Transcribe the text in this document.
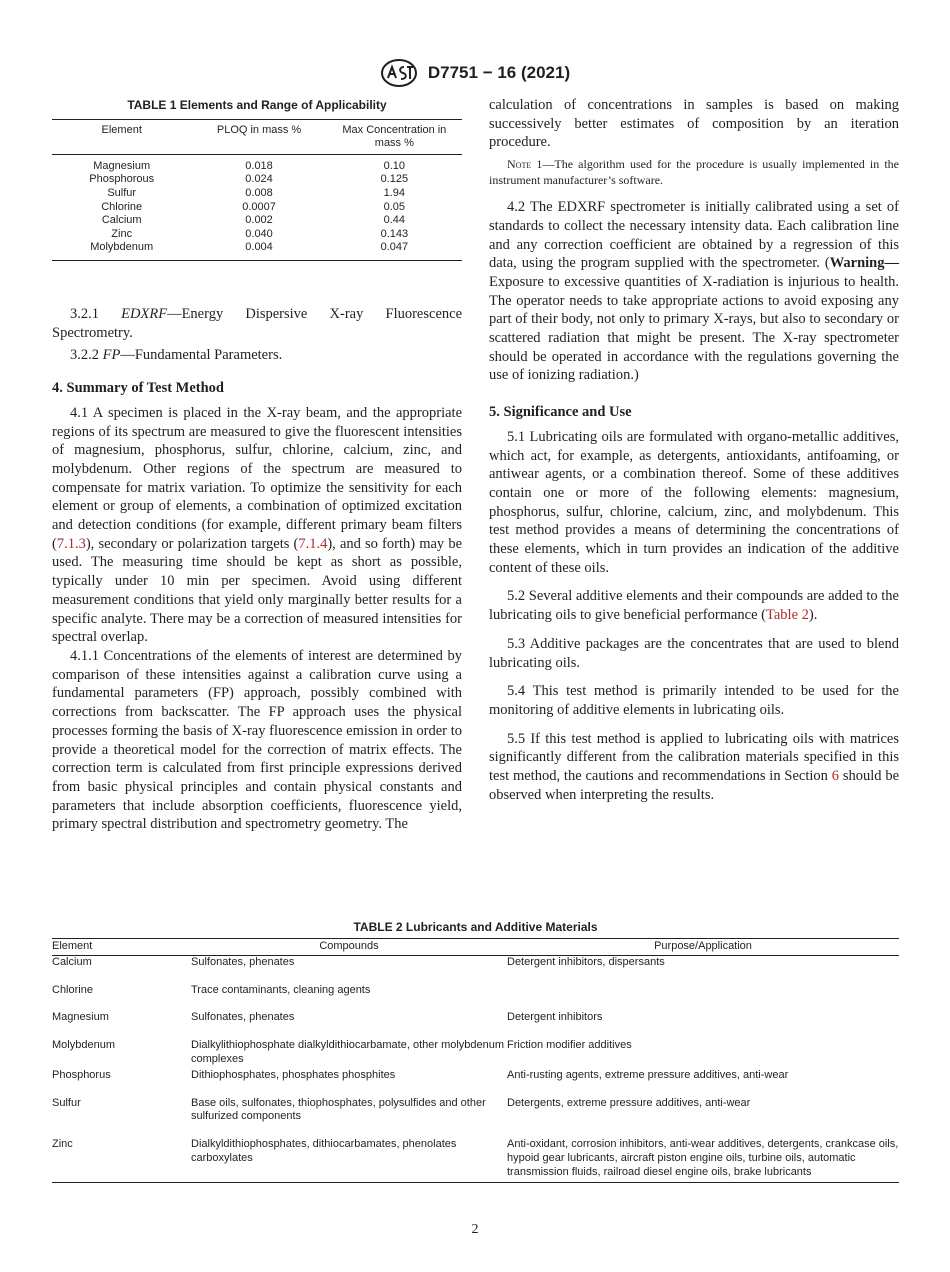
D7751 − 16 (2021)
TABLE 1 Elements and Range of Applicability
Element	PLOQ in mass %	Max Concentration in mass %
Magnesium	0.018	0.10
Phosphorous	0.024	0.125
Sulfur	0.008	1.94
Chlorine	0.0007	0.05
Calcium	0.002	0.44
Zinc	0.040	0.143
Molybdenum	0.004	0.047

3.2.1 EDXRF—Energy Dispersive X-ray Fluorescence Spectrometry.

3.2.2 FP—Fundamental Parameters.

4. Summary of Test Method

4.1 A specimen is placed in the X-ray beam, and the appropriate regions of its spectrum are measured to give the fluorescent intensities of magnesium, phosphorus, sulfur, chlorine, calcium, zinc, and molybdenum. Other regions of the spectrum are measured to compensate for matrix variation. To optimize the sensitivity for each element or group of elements, a combination of optimized excitation and detection conditions (for example, different primary beam filters (7.1.3), secondary or polarization targets (7.1.4), and so forth) may be used. The measuring time should be kept as short as possible, typically under 10 min per specimen. Avoid using different measurement conditions that yield only marginally better results for a specific analyte. There may be a correction of measured intensities for spectral overlap.

4.1.1 Concentrations of the elements of interest are determined by comparison of these intensities against a calibration curve using a fundamental parameters (FP) approach, possibly combined with corrections from backscatter. The FP approach uses the physical processes forming the basis of X-ray fluorescence emission in order to provide a theoretical model for the correction of matrix effects. The correction term is calculated from first principle expressions derived from basic physical principles and contain physical constants and parameters that include absorption coefficients, fluorescence yield, primary spectral distribution and spectrometry geometry. The

calculation of concentrations in samples is based on making successively better estimates of composition by an iteration procedure.

Note 1—The algorithm used for the procedure is usually implemented in the instrument manufacturer’s software.

4.2 The EDXRF spectrometer is initially calibrated using a set of standards to collect the necessary intensity data. Each calibration line and any correction coefficient are obtained by a regression of this data, using the program supplied with the spectrometer. (Warning—Exposure to excessive quantities of X-radiation is injurious to health. The operator needs to take appropriate actions to avoid exposing any part of their body, not only to primary X-rays, but also to secondary or scattered radiation that might be present. The X-ray spectrometer should be operated in accordance with the regulations governing the use of ionizing radiation.)

5. Significance and Use

5.1 Lubricating oils are formulated with organo-metallic additives, which act, for example, as detergents, antioxidants, antifoaming, or antiwear agents, or a combination thereof. Some of these additives contain one or more of the following elements: magnesium, phosphorus, sulfur, chlorine, calcium, zinc, and molybdenum. This test method provides a means of determining the concentrations of these elements, which in turn provides an indication of the additive content of these oils.

5.2 Several additive elements and their compounds are added to the lubricating oils to give beneficial performance (Table 2).

5.3 Additive packages are the concentrates that are used to blend lubricating oils.

5.4 This test method is primarily intended to be used for the monitoring of additive elements in lubricating oils.

5.5 If this test method is applied to lubricating oils with matrices significantly different from the calibration materials specified in this test method, the cautions and recommendations in Section 6 should be observed when interpreting the results.

TABLE 2 Lubricants and Additive Materials
Element	Compounds	Purpose/Application
Calcium	Sulfonates, phenates	Detergent inhibitors, dispersants
Chlorine	Trace contaminants, cleaning agents	
Magnesium	Sulfonates, phenates	Detergent inhibitors
Molybdenum	Dialkylithiophosphate dialkyldithiocarbamate, other molybdenum complexes	Friction modifier additives
Phosphorus	Dithiophosphates, phosphates phosphites	Anti-rusting agents, extreme pressure additives, anti-wear
Sulfur	Base oils, sulfonates, thiophosphates, polysulfides and other sulfurized components	Detergents, extreme pressure additives, anti-wear
Zinc	Dialkyldithiophosphates, dithiocarbamates, phenolates carboxylates	Anti-oxidant, corrosion inhibitors, anti-wear additives, detergents, crankcase oils, hypoid gear lubricants, aircraft piston engine oils, turbine oils, automatic transmission fluids, railroad diesel engine oils, brake lubricants
2
